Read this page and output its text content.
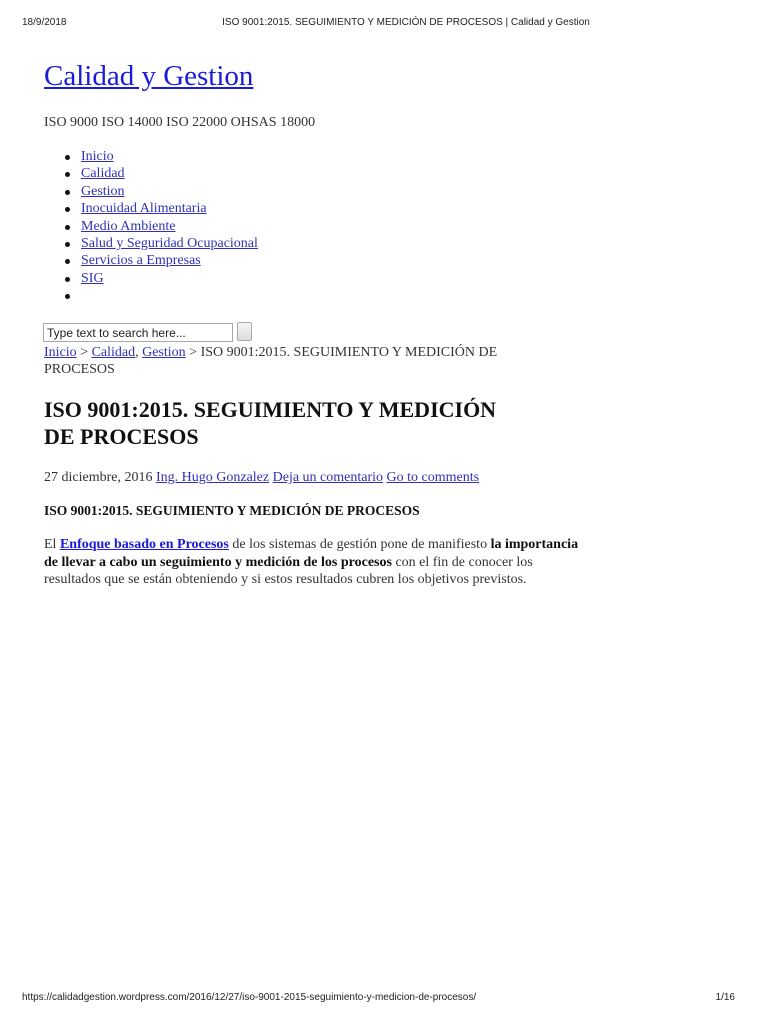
18/9/2018	ISO 9001:2015. SEGUIMIENTO Y MEDICIÓN DE PROCESOS | Calidad y Gestion
Calidad y Gestion

ISO 9000 ISO 14000 ISO 22000 OHSAS 18000

Inicio
Calidad
Gestion
Inocuidad Alimentaria
Medio Ambiente
Salud y Seguridad Ocupacional
Servicios a Empresas
SIG
Type text to search here...
Inicio > Calidad, Gestion > ISO 9001:2015. SEGUIMIENTO Y MEDICIÓN DE PROCESOS
ISO 9001:2015. SEGUIMIENTO Y MEDICIÓN DE PROCESOS
27 diciembre, 2016 Ing. Hugo Gonzalez Deja un comentario Go to comments
ISO 9001:2015. SEGUIMIENTO Y MEDICIÓN DE PROCESOS

El Enfoque basado en Procesos de los sistemas de gestión pone de manifiesto la importancia de llevar a cabo un seguimiento y medición de los procesos con el fin de conocer los resultados que se están obteniendo y si estos resultados cubren los objetivos previstos.

https://calidadgestion.wordpress.com/2016/12/27/iso-9001-2015-seguimiento-y-medicion-de-procesos/	1/16
